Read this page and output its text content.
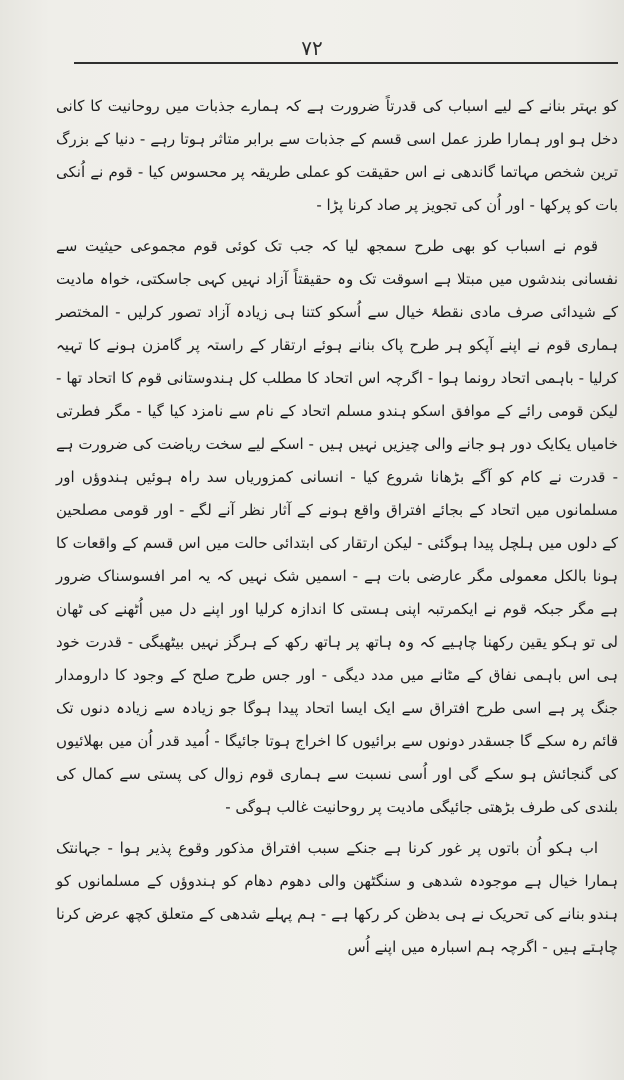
۷۲

کو بہتر بنانے کے لیے اسباب کی قدرتاً ضرورت ہے کہ ہمارے جذبات میں روحانیت کا کانی دخل ہو اور ہمارا طرز عمل اسی قسم کے جذبات سے برابر متاثر ہوتا رہے - دنیا کے بزرگ ترین شخص مہاتما گاندھی نے اس حقیقت کو عملی طریقہ پر محسوس کیا - قوم نے اُنکی بات کو پرکھا - اور اُن کی تجویز پر صاد کرنا پڑا -

قوم نے اسباب کو بھی طرح سمجھ لیا کہ جب تک کوئی قوم مجموعی حیثیت سے نفسانی بندشوں میں مبتلا ہے اسوقت تک وہ حقیقتاً آزاد نہیں کہی جاسکتی، خواہ مادیت کے شیدائی صرف مادی نقطۂ خیال سے اُسکو کتنا ہی زیادہ آزاد تصور کرلیں - المختصر ہماری قوم نے اپنے آپکو ہر طرح پاک بنانے ہوئے ارتقار کے راستہ پر گامزن ہونے کا تہیہ کرلیا - باہمی اتحاد رونما ہوا - اگرچہ اس اتحاد کا مطلب کل ہندوستانی قوم کا اتحاد تھا - لیکن قومی رائے کے موافق اسکو ہندو مسلم اتحاد کے نام سے نامزد کیا گیا - مگر فطرتی خامیاں یکایک دور ہو جانے والی چیزیں نہیں ہیں - اسکے لیے سخت ریاضت کی ضرورت ہے - قدرت نے کام کو آگے بڑھانا شروع کیا - انسانی کمزوریاں سد راہ ہوئیں ہندوؤں اور مسلمانوں میں اتحاد کے بجائے افتراق واقع ہونے کے آثار نظر آنے لگے - اور قومی مصلحین کے دلوں میں ہلچل پیدا ہوگئی - لیکن ارتقار کی ابتدائی حالت میں اس قسم کے واقعات کا ہونا بالکل معمولی مگر عارضی بات ہے - اسمیں شک نہیں کہ یہ امر افسوسناک ضرور ہے مگر جبکہ قوم نے ایکمرتبہ اپنی ہستی کا اندازہ کرلیا اور اپنے دل میں اُٹھنے کی ٹھان لی تو ہکو یقین رکھنا چاہیے کہ وہ ہاتھ پر ہاتھ رکھ کے ہرگز نہیں بیٹھیگی - قدرت خود ہی اس باہمی نفاق کے مٹانے میں مدد دیگی - اور جس طرح صلح کے وجود کا دارومدار جنگ پر ہے اسی طرح افتراق سے ایک ایسا اتحاد پیدا ہوگا جو زیادہ سے زیادہ دنوں تک قائم رہ سکے گا جسقدر دونوں سے برائیوں کا اخراج ہوتا جائیگا - اُمید قدر اُن میں بھلائیوں کی گنجائش ہو سکے گی اور اُسی نسبت سے ہماری قوم زوال کی پستی سے کمال کی بلندی کی طرف بڑھتی جائیگی مادیت پر روحانیت غالب ہوگی -

اب ہکو اُن باتوں پر غور کرنا ہے جنکے سبب افتراق مذکور وقوع پذیر ہوا - جہانتک ہمارا خیال ہے موجودہ شدھی و سنگٹھن والی دھوم دھام کو ہندوؤں کے مسلمانوں کو ہندو بنانے کی تحریک نے ہی بدظن کر رکھا ہے - ہم پہلے شدھی کے متعلق کچھ عرض کرنا چاہتے ہیں - اگرچہ ہم اسبارہ میں اپنے اُس
